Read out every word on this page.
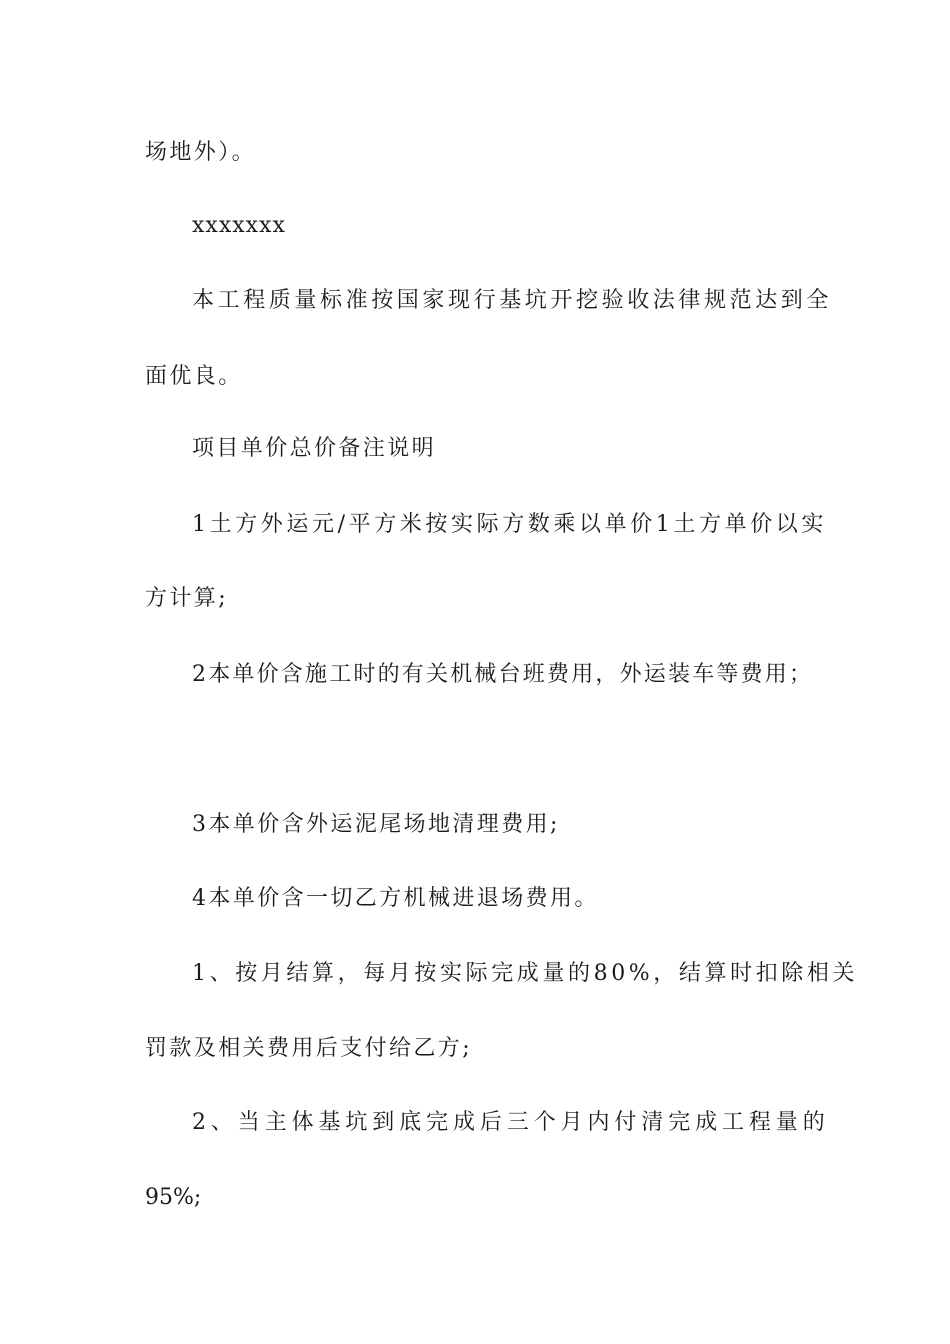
场地外）。
xxxxxxx
本工程质量标准按国家现行基坑开挖验收法律规范达到全
面优良。
项目单价总价备注说明
1土方外运元/平方米按实际方数乘以单价1土方单价以实
方计算;
2本单价含施工时的有关机械台班费用，外运装车等费用；
3本单价含外运泥尾场地清理费用;
4本单价含一切乙方机械进退场费用。
1、按月结算，每月按实际完成量的80%，结算时扣除相关
罚款及相关费用后支付给乙方;
2、当主体基坑到底完成后三个月内付清完成工程量的
95%;
